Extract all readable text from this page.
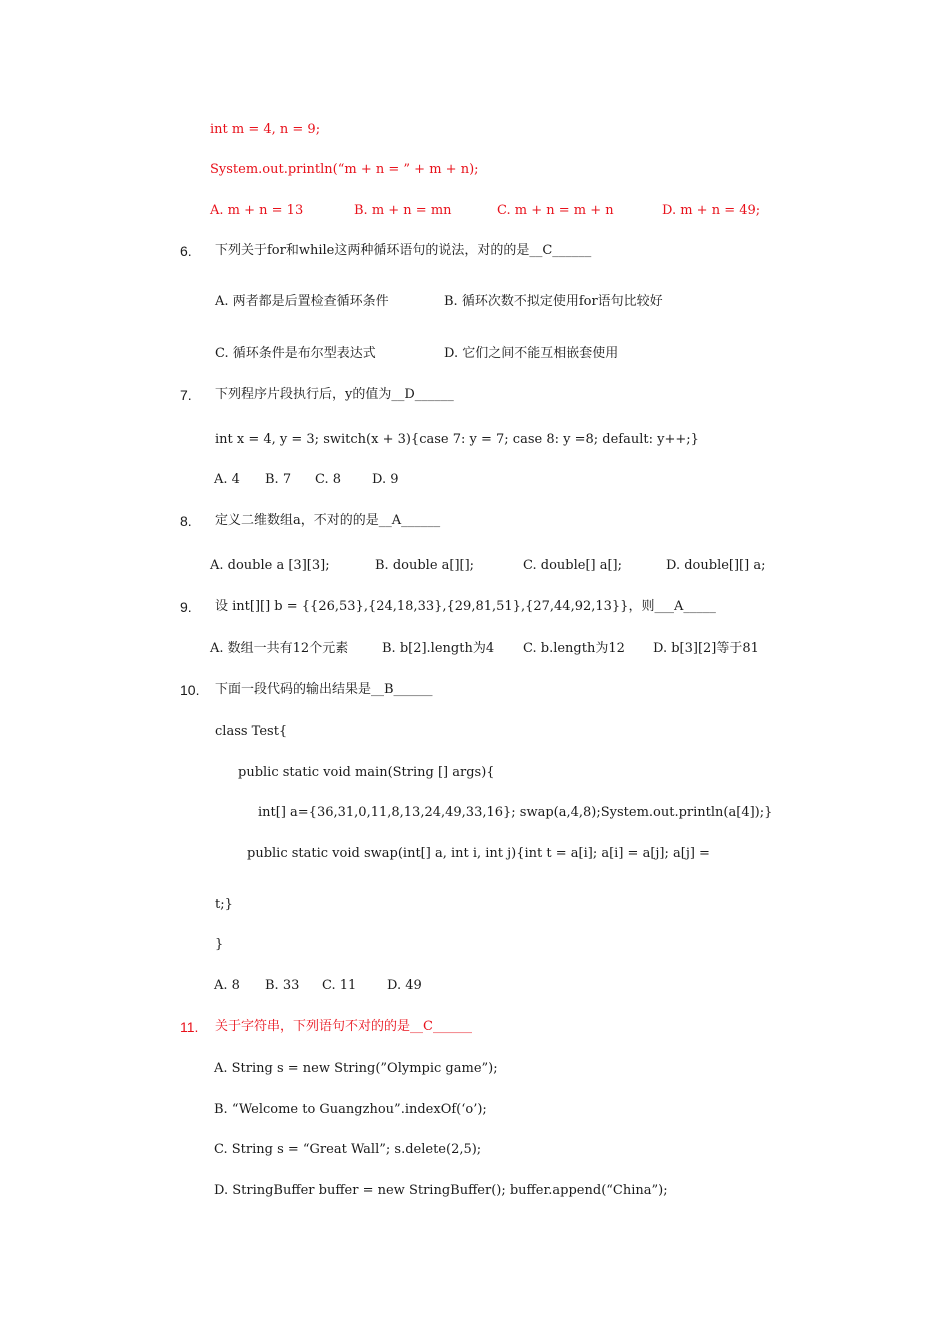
int m = 4, n = 9;
System.out.println(“m + n = ” + m + n);
A. m + n = 13	B. m + n = mn	C. m + n = m + n	D. m + n = 49;
6. 下列关于for和while这两种循环语句的说法，对的的是__C______
A. 两者都是后置检查循环条件	B. 循环次数不拟定使用for语句比较好
C. 循环条件是布尔型表达式	D. 它们之间不能互相嵌套使用
7. 下列程序片段执行后，y的值为__D______
int x = 4, y = 3; switch(x + 3){case 7: y = 7; case 8: y =8; default: y++;}
A. 4 B. 7 C. 8 D. 9
8. 定义二维数组a，不对的的是__A______
A. double a [3][3];	B. double a[][];	C. double[] a[];	D. double[][] a;
9. 设 int[][] b = {{26,53},{24,18,33},{29,81,51},{27,44,92,13}}，则___A_____
A. 数组一共有12个元素	B. b[2].length为4 C. b.length为12 D. b[3][2]等于81
10. 下面一段代码的输出结果是__B______
class Test{
public static void main(String [] args){
int[] a={36,31,0,11,8,13,24,49,33,16}; swap(a,4,8);System.out.println(a[4]);}
public static void swap(int[] a, int i, int j){int t = a[i]; a[i] = a[j]; a[j] =
t;}
}
A. 8 B. 33 C. 11 D. 49
11. 关于字符串，下列语句不对的的是__C______
A. String s = new String(”Olympic game”);
B. “Welcome to Guangzhou”.indexOf(‘o’);
C. String s = “Great Wall”; s.delete(2,5);
D. StringBuffer buffer = new StringBuffer(); buffer.append(“China”);
